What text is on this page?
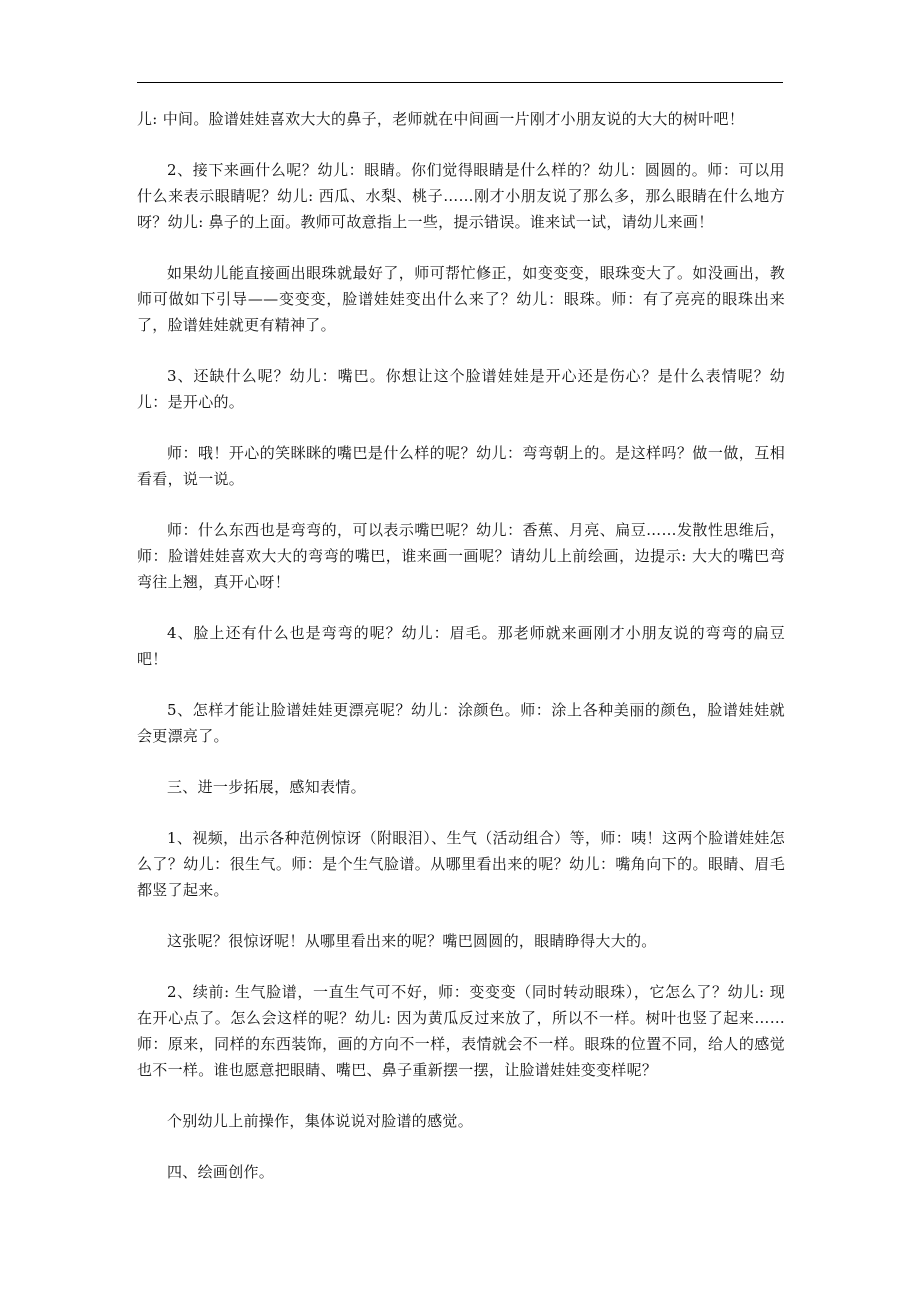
儿: 中间。脸谱娃娃喜欢大大的鼻子，老师就在中间画一片刚才小朋友说的大大的树叶吧！

2、接下来画什么呢？幼儿：眼睛。你们觉得眼睛是什么样的？幼儿：圆圆的。师：可以用什么来表示眼睛呢？幼儿: 西瓜、水梨、桃子……刚才小朋友说了那么多，那么眼睛在什么地方呀？幼儿: 鼻子的上面。教师可故意指上一些，提示错误。谁来试一试，请幼儿来画！

如果幼儿能直接画出眼珠就最好了，师可帮忙修正，如变变变，眼珠变大了。如没画出，教师可做如下引导——变变变，脸谱娃娃变出什么来了？幼儿：眼珠。师：有了亮亮的眼珠出来了，脸谱娃娃就更有精神了。

3、还缺什么呢？幼儿：嘴巴。你想让这个脸谱娃娃是开心还是伤心？是什么表情呢？幼儿：是开心的。

师：哦！开心的笑眯眯的嘴巴是什么样的呢？幼儿：弯弯朝上的。是这样吗？做一做，互相看看，说一说。

师：什么东西也是弯弯的，可以表示嘴巴呢？幼儿：香蕉、月亮、扁豆……发散性思维后，师：脸谱娃娃喜欢大大的弯弯的嘴巴，谁来画一画呢？请幼儿上前绘画，边提示: 大大的嘴巴弯弯往上翘，真开心呀！

4、脸上还有什么也是弯弯的呢？幼儿：眉毛。那老师就来画刚才小朋友说的弯弯的扁豆吧！

5、怎样才能让脸谱娃娃更漂亮呢？幼儿：涂颜色。师：涂上各种美丽的颜色，脸谱娃娃就会更漂亮了。

三、进一步拓展，感知表情。

1、视频，出示各种范例惊讶（附眼泪）、生气（活动组合）等，师：咦！这两个脸谱娃娃怎么了？幼儿：很生气。师：是个生气脸谱。从哪里看出来的呢？幼儿：嘴角向下的。眼睛、眉毛都竖了起来。

这张呢？很惊讶呢！从哪里看出来的呢？嘴巴圆圆的，眼睛睁得大大的。

2、续前: 生气脸谱，一直生气可不好，师：变变变（同时转动眼珠），它怎么了？幼儿: 现在开心点了。怎么会这样的呢？幼儿: 因为黄瓜反过来放了，所以不一样。树叶也竖了起来……师：原来，同样的东西装饰，画的方向不一样，表情就会不一样。眼珠的位置不同，给人的感觉也不一样。谁也愿意把眼睛、嘴巴、鼻子重新摆一摆，让脸谱娃娃变变样呢？

个别幼儿上前操作，集体说说对脸谱的感觉。

四、绘画创作。
